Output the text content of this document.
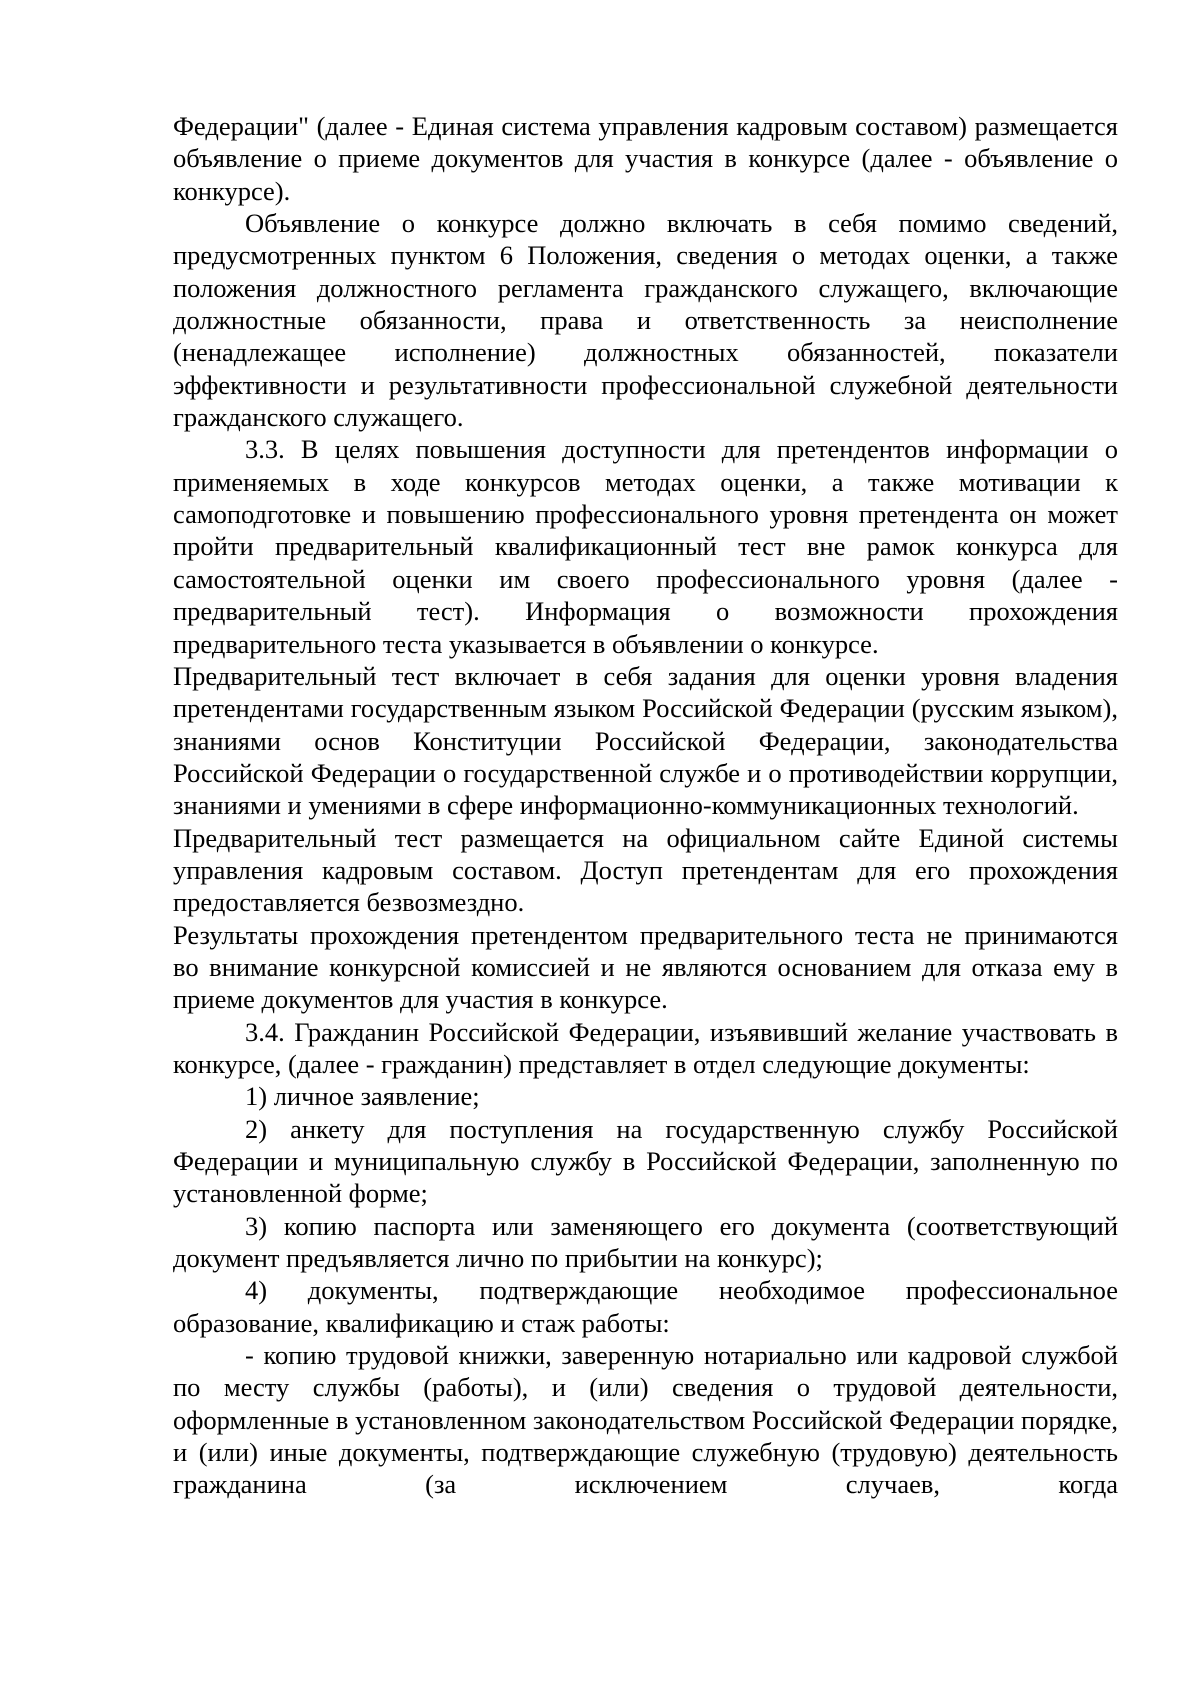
Федерации" (далее - Единая система управления кадровым составом) размещается объявление о приеме документов для участия в конкурсе (далее - объявление о конкурсе).

Объявление о конкурсе должно включать в себя помимо сведений, предусмотренных пунктом 6 Положения, сведения о методах оценки, а также положения должностного регламента гражданского служащего, включающие должностные обязанности, права и ответственность за неисполнение (ненадлежащее исполнение) должностных обязанностей, показатели эффективности и результативности профессиональной служебной деятельности гражданского служащего.

3.3. В целях повышения доступности для претендентов информации о применяемых в ходе конкурсов методах оценки, а также мотивации к самоподготовке и повышению профессионального уровня претендента он может пройти предварительный квалификационный тест вне рамок конкурса для самостоятельной оценки им своего профессионального уровня (далее - предварительный тест). Информация о возможности прохождения предварительного теста указывается в объявлении о конкурсе.

Предварительный тест включает в себя задания для оценки уровня владения претендентами государственным языком Российской Федерации (русским языком), знаниями основ Конституции Российской Федерации, законодательства Российской Федерации о государственной службе и о противодействии коррупции, знаниями и умениями в сфере информационно-коммуникационных технологий.

Предварительный тест размещается на официальном сайте Единой системы управления кадровым составом. Доступ претендентам для его прохождения предоставляется безвозмездно.

Результаты прохождения претендентом предварительного теста не принимаются во внимание конкурсной комиссией и не являются основанием для отказа ему в приеме документов для участия в конкурсе.

3.4. Гражданин Российской Федерации, изъявивший желание участвовать в конкурсе, (далее - гражданин) представляет в отдел следующие документы:

1) личное заявление;

2) анкету для поступления на государственную службу Российской Федерации и муниципальную службу в Российской Федерации, заполненную по установленной форме;

3) копию паспорта или заменяющего его документа (соответствующий документ предъявляется лично по прибытии на конкурс);

4) документы, подтверждающие необходимое профессиональное образование, квалификацию и стаж работы:

- копию трудовой книжки, заверенную нотариально или кадровой службой по месту службы (работы), и (или) сведения о трудовой деятельности, оформленные в установленном законодательством Российской Федерации порядке, и (или) иные документы, подтверждающие служебную (трудовую) деятельность гражданина (за исключением случаев, когда
